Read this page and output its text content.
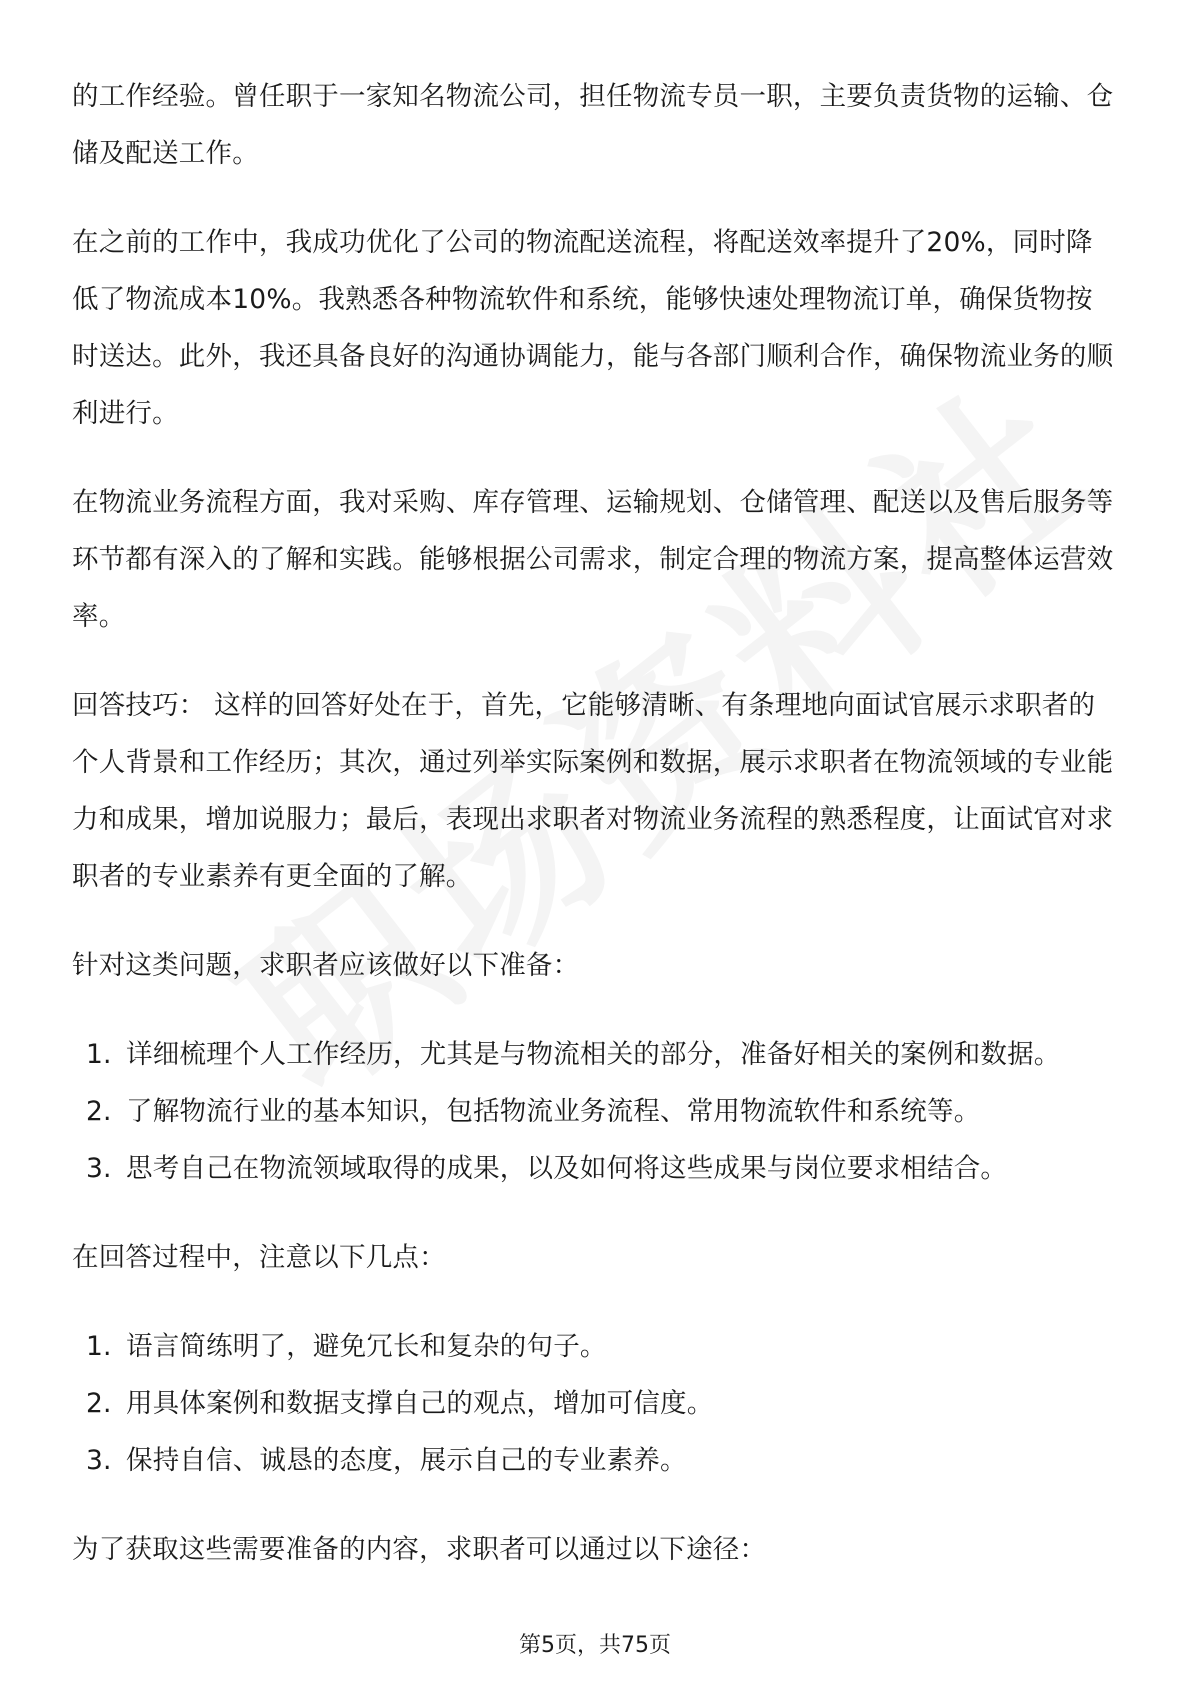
的工作经验。曾任职于一家知名物流公司，担任物流专员一职，主要负责货物的运输、仓储及配送工作。

在之前的工作中，我成功优化了公司的物流配送流程，将配送效率提升了20%，同时降低了物流成本10%。我熟悉各种物流软件和系统，能够快速处理物流订单，确保货物按时送达。此外，我还具备良好的沟通协调能力，能与各部门顺利合作，确保物流业务的顺利进行。

在物流业务流程方面，我对采购、库存管理、运输规划、仓储管理、配送以及售后服务等环节都有深入的了解和实践。能够根据公司需求，制定合理的物流方案，提高整体运营效率。

回答技巧： 这样的回答好处在于，首先，它能够清晰、有条理地向面试官展示求职者的个人背景和工作经历；其次，通过列举实际案例和数据，展示求职者在物流领域的专业能力和成果，增加说服力；最后，表现出求职者对物流业务流程的熟悉程度，让面试官对求职者的专业素养有更全面的了解。

针对这类问题，求职者应该做好以下准备：

1. 详细梳理个人工作经历，尤其是与物流相关的部分，准备好相关的案例和数据。
2. 了解物流行业的基本知识，包括物流业务流程、常用物流软件和系统等。
3. 思考自己在物流领域取得的成果，以及如何将这些成果与岗位要求相结合。

在回答过程中，注意以下几点：

1. 语言简练明了，避免冗长和复杂的句子。
2. 用具体案例和数据支撑自己的观点，增加可信度。
3. 保持自信、诚恳的态度，展示自己的专业素养。

为了获取这些需要准备的内容，求职者可以通过以下途径：

第5页，共75页
